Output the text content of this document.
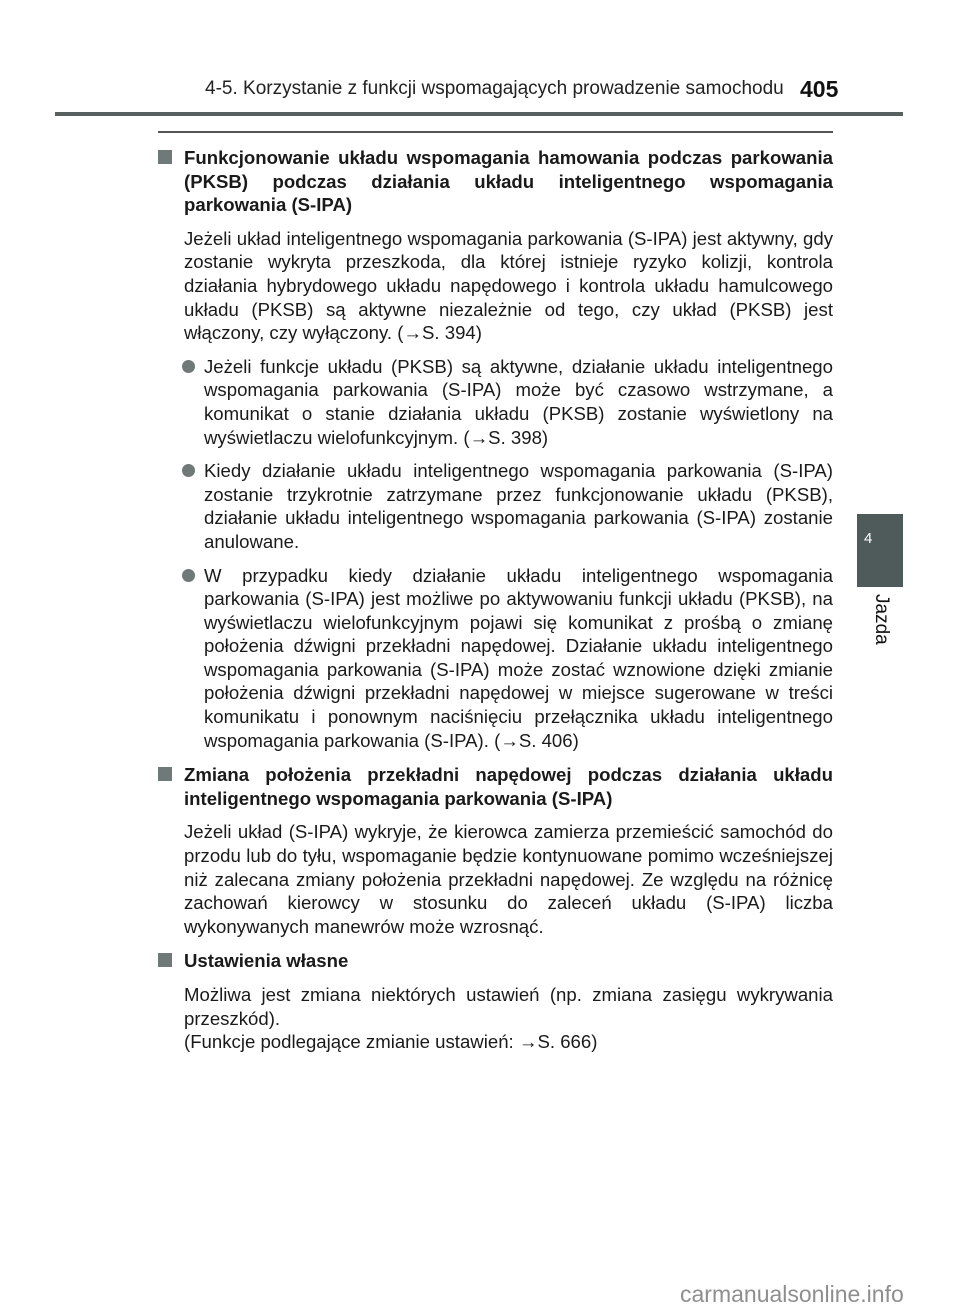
4-5. Korzystanie z funkcji wspomagających prowadzenie samochodu 405
4
Jazda
Funkcjonowanie układu wspomagania hamowania podczas parkowania (PKSB) podczas działania układu inteligentnego wspomagania parkowania (S-IPA)
Jeżeli układ inteligentnego wspomagania parkowania (S-IPA) jest aktywny, gdy zostanie wykryta przeszkoda, dla której istnieje ryzyko kolizji, kontrola działania hybrydowego układu napędowego i kontrola układu hamulcowego układu (PKSB) są aktywne niezależnie od tego, czy układ (PKSB) jest włączony, czy wyłączony. (→S. 394)
Jeżeli funkcje układu (PKSB) są aktywne, działanie układu inteligentnego wspomagania parkowania (S-IPA) może być czasowo wstrzymane, a komunikat o stanie działania układu (PKSB) zostanie wyświetlony na wyświetlaczu wielofunkcyjnym. (→S. 398)
Kiedy działanie układu inteligentnego wspomagania parkowania (S-IPA) zostanie trzykrotnie zatrzymane przez funkcjonowanie układu (PKSB), działanie układu inteligentnego wspomagania parkowania (S-IPA) zostanie anulowane.
W przypadku kiedy działanie układu inteligentnego wspomagania parkowania (S-IPA) jest możliwe po aktywowaniu funkcji układu (PKSB), na wyświetlaczu wielofunkcyjnym pojawi się komunikat z prośbą o zmianę położenia dźwigni przekładni napędowej. Działanie układu inteligentnego wspomagania parkowania (S-IPA) może zostać wznowione dzięki zmianie położenia dźwigni przekładni napędowej w miejsce sugerowane w treści komunikatu i ponownym naciśnięciu przełącznika układu inteligentnego wspomagania parkowania (S-IPA). (→S. 406)
Zmiana położenia przekładni napędowej podczas działania układu inteligentnego wspomagania parkowania (S-IPA)
Jeżeli układ (S-IPA) wykryje, że kierowca zamierza przemieścić samochód do przodu lub do tyłu, wspomaganie będzie kontynuowane pomimo wcześniejszej niż zalecana zmiany położenia przekładni napędowej. Ze względu na różnicę zachowań kierowcy w stosunku do zaleceń układu (S-IPA) liczba wykonywanych manewrów może wzrosnąć.
Ustawienia własne
Możliwa jest zmiana niektórych ustawień (np. zmiana zasięgu wykrywania przeszkód).
(Funkcje podlegające zmianie ustawień: →S. 666)
carmanualsonline.info
